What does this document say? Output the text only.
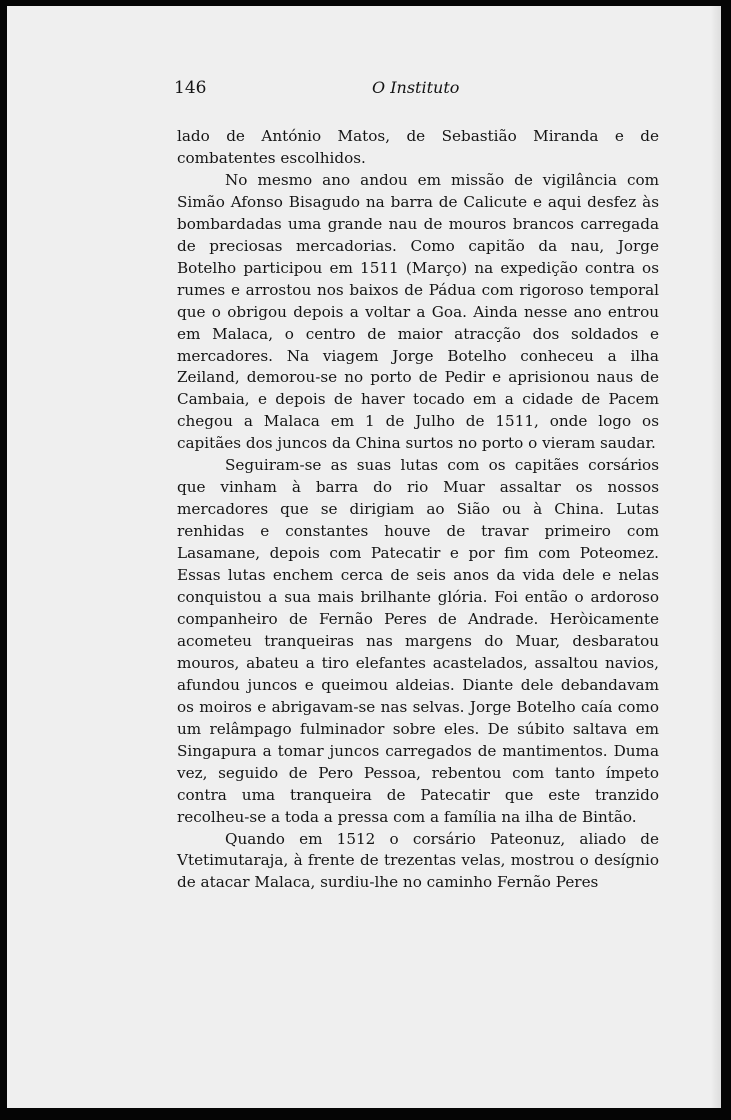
146	O Instituto

lado de António Matos, de Sebastião Miranda e de combatentes escolhidos.

No mesmo ano andou em missão de vigilância com Simão Afonso Bisagudo na barra de Calicute e aqui desfez às bombardadas uma grande nau de mouros brancos carregada de preciosas mercadorias. Como capitão da nau, Jorge Botelho participou em 1511 (Março) na expedição contra os rumes e arrostou nos baixos de Pádua com rigoroso temporal que o obrigou depois a voltar a Goa. Ainda nesse ano entrou em Malaca, o centro de maior atracção dos soldados e mercadores. Na viagem Jorge Botelho conheceu a ilha Zeiland, demorou-se no porto de Pedir e aprisionou naus de Cambaia, e depois de haver tocado em a cidade de Pacem chegou a Malaca em 1 de Julho de 1511, onde logo os capitães dos juncos da China surtos no porto o vieram saudar.

Seguiram-se as suas lutas com os capitães corsários que vinham à barra do rio Muar assaltar os nossos mercadores que se dirigiam ao Sião ou à China. Lutas renhidas e constantes houve de travar primeiro com Lasamane, depois com Patecatir e por fim com Poteomez. Essas lutas enchem cerca de seis anos da vida dele e nelas conquistou a sua mais brilhante glória. Foi então o ardoroso companheiro de Fernão Peres de Andrade. Heròicamente acometeu tranqueiras nas margens do Muar, desbaratou mouros, abateu a tiro elefantes acastelados, assaltou navios, afundou juncos e queimou aldeias. Diante dele debandavam os moiros e abrigavam-se nas selvas. Jorge Botelho caía como um relâmpago fulminador sobre eles. De súbito saltava em Singapura a tomar juncos carregados de mantimentos. Duma vez, seguido de Pero Pessoa, rebentou com tanto ímpeto contra uma tranqueira de Patecatir que este tranzido recolheu-se a toda a pressa com a família na ilha de Bintão.

Quando em 1512 o corsário Pateonuz, aliado de Vtetimutaraja, à frente de trezentas velas, mostrou o desígnio de atacar Malaca, surdiu-lhe no caminho Fernão Peres
